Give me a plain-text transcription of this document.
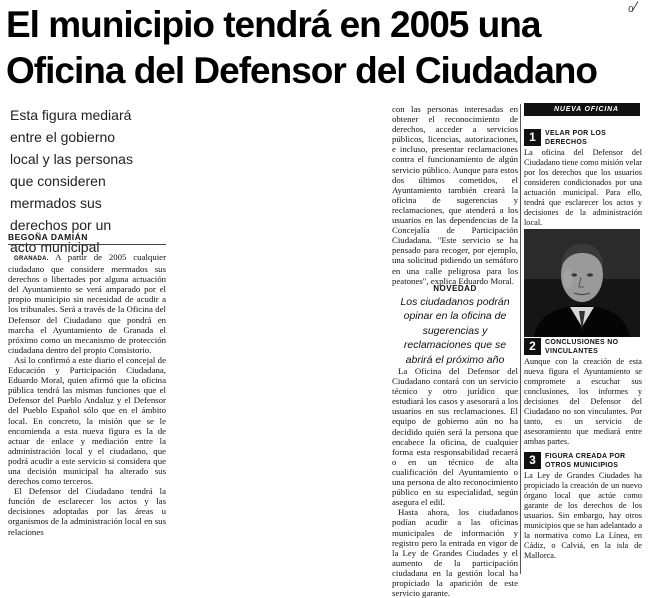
El municipio tendrá en 2005 una
Oficina del Defensor del Ciudadano
₀⁄
Esta figura mediará entre el gobierno local y las personas que consideren mermados sus derechos por un acto municipal
BEGOÑA DAMIÁN

GRANADA. A partir de 2005 cualquier ciudadano que considere mermados sus derechos o libertades por alguna actuación del Ayuntamiento se verá amparado por el propio municipio sin necesidad de acudir a los tribunales. Será a través de la Oficina del Defensor del Ciudadano que pondrá en marcha el Ayuntamiento de Granada el próximo como un mecanismo de protección ciudadana dentro del propio Consistorio.

Así lo confirmó a este diario el concejal de Educación y Participación Ciudadana, Eduardo Moral, quien afirmó que la oficina pública tendrá las mismas funciones que el Defensor del Pueblo Andaluz y el Defensor del Pueblo Español sólo que en el ámbito local. En concreto, la misión que se le encomienda a esta nueva figura es la de actuar de enlace y mediación entre la administración local y el ciudadano, que podrá acudir a este servicio si considera que una decisión municipal ha alterado sus derechos como terceros.

El Defensor del Ciudadano tendrá la función de esclarecer los actos y las decisiones adoptadas por las áreas u organismos de la administración local en sus relaciones

con las personas interesadas en obtener el reconocimiento de derechos, acceder a servicios públicos, licencias, autorizaciones, e incluso, presentar reclamaciones contra el funcionamiento de algún servicio público. Aunque para estos dos últimos cometidos, el Ayuntamiento también creará la oficina de sugerencias y reclamaciones, que atenderá a los usuarios en las dependencias de la Concejalía de Participación Ciudadana. "Este servicio se ha pensado para recoger, por ejemplo, una solicitud pidiendo un semáforo en una calle peligrosa para los peatones", explica Eduardo Moral.

NOVEDAD
Los ciudadanos podrán opinar en la oficina de sugerencias y reclamaciones que se abrirá el próximo año

La Oficina del Defensor del Ciudadano contará con un servicio técnico y otro jurídico que estudiará los casos y asesorará a los usuarios en sus reclamaciones. El equipo de gobierno aún no ha decidido quién será la persona que encabece la oficina, de cualquier forma esta responsabilidad recaerá o en un técnico de alta cualificación del Ayuntamiento o una persona de alto reconocimiento público en su especialidad, según asegura el edil.

Hasta ahora, los ciudadanos podían acudir a las oficinas municipales de información y registro pero la entrada en vigor de la Ley de Grandes Ciudades y el aumento de la participación ciudadana en la gestión local ha propiciado la aparición de este servicio garante.

NUEVA OFICINA
1	VELAR POR LOS DERECHOS
La oficina del Defensor del Ciudadano tiene como misión velar por los derechos que los usuarios consideren condicionados por una actuación municipal. Para ello, tendrá que esclarecer los actos y decisiones de la administración local.
2	CONCLUSIONES NO VINCULANTES
Aunque con la creación de esta nueva figura el Ayuntamiento se compromete a escuchar sus conclusiones, los informes y decisiones del Defensor del Ciudadano no son vinculantes. Por tanto, es un servicio de asesoramiento que mediará entre ambas partes.
3	FIGURA CREADA POR OTROS MUNICIPIOS
La Ley de Grandes Ciudades ha propiciado la creación de un nuevo órgano local que actúe como garante de los derechos de los usuarios. Sin embargo, hay otros municipios que se han adelantado a la normativa como La Línea, en Cádiz, o Calviá, en la isla de Mallorca.
